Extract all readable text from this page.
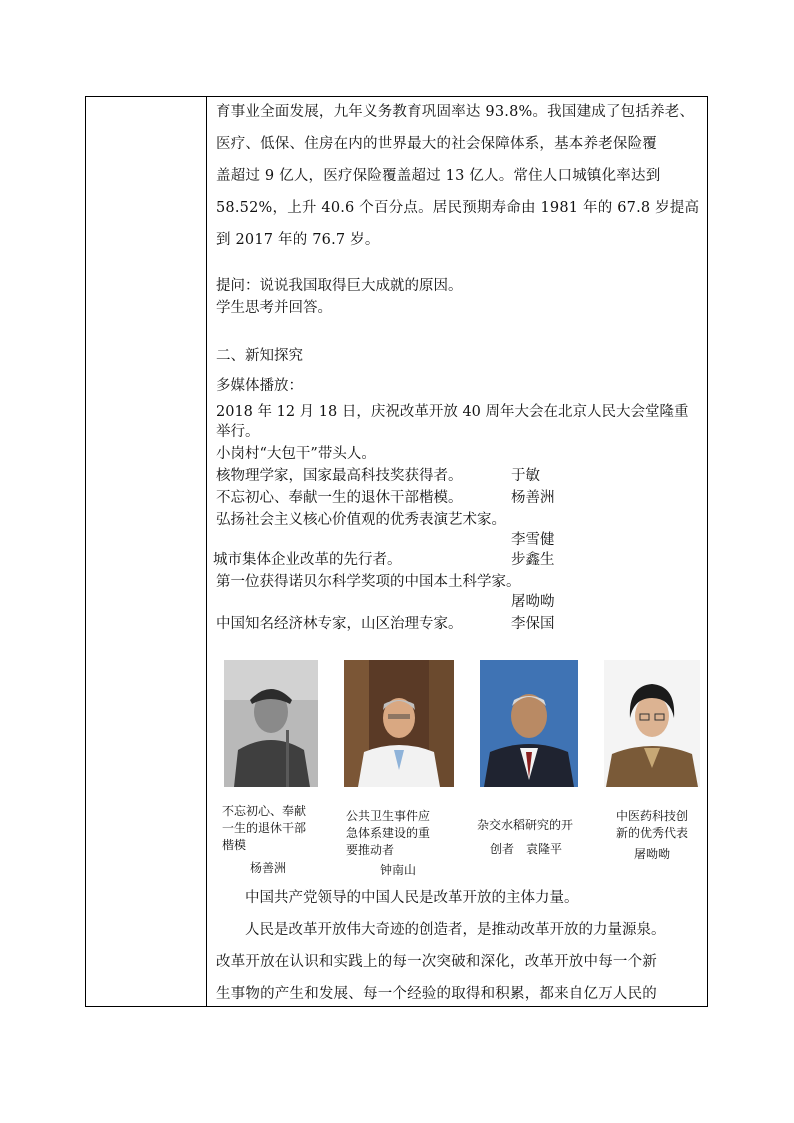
育事业全面发展，九年义务教育巩固率达 93.8%。我国建成了包括养老、
医疗、低保、住房在内的世界最大的社会保障体系，基本养老保险覆
盖超过 9 亿人，医疗保险覆盖超过 13 亿人。常住人口城镇化率达到
58.52%，上升 40.6 个百分点。居民预期寿命由 1981 年的 67.8 岁提高
到 2017 年的 76.7 岁。
提问：说说我国取得巨大成就的原因。
学生思考并回答。
二、新知探究
多媒体播放：
2018 年 12 月 18 日，庆祝改革开放 40 周年大会在北京人民大会堂隆重
举行。
小岗村“大包干”带头人。
核物理学家，国家最高科技奖获得者。	于敏
不忘初心、奉献一生的退休干部楷模。	杨善洲
弘扬社会主义核心价值观的优秀表演艺术家。
李雪健
城市集体企业改革的先行者。	步鑫生
第一位获得诺贝尔科学奖项的中国本土科学家。
屠呦呦
中国知名经济林专家，山区治理专家。	李保国
不忘初心、奉献
一生的退休干部
楷模
杨善洲
公共卫生事件应
急体系建设的重
要推动者
钟南山
杂交水稻研究的开
创者　袁隆平
中医药科技创
新的优秀代表
屠呦呦
中国共产党领导的中国人民是改革开放的主体力量。
人民是改革开放伟大奇迹的创造者，是推动改革开放的力量源泉。
改革开放在认识和实践上的每一次突破和深化，改革开放中每一个新
生事物的产生和发展、每一个经验的取得和积累，都来自亿万人民的
